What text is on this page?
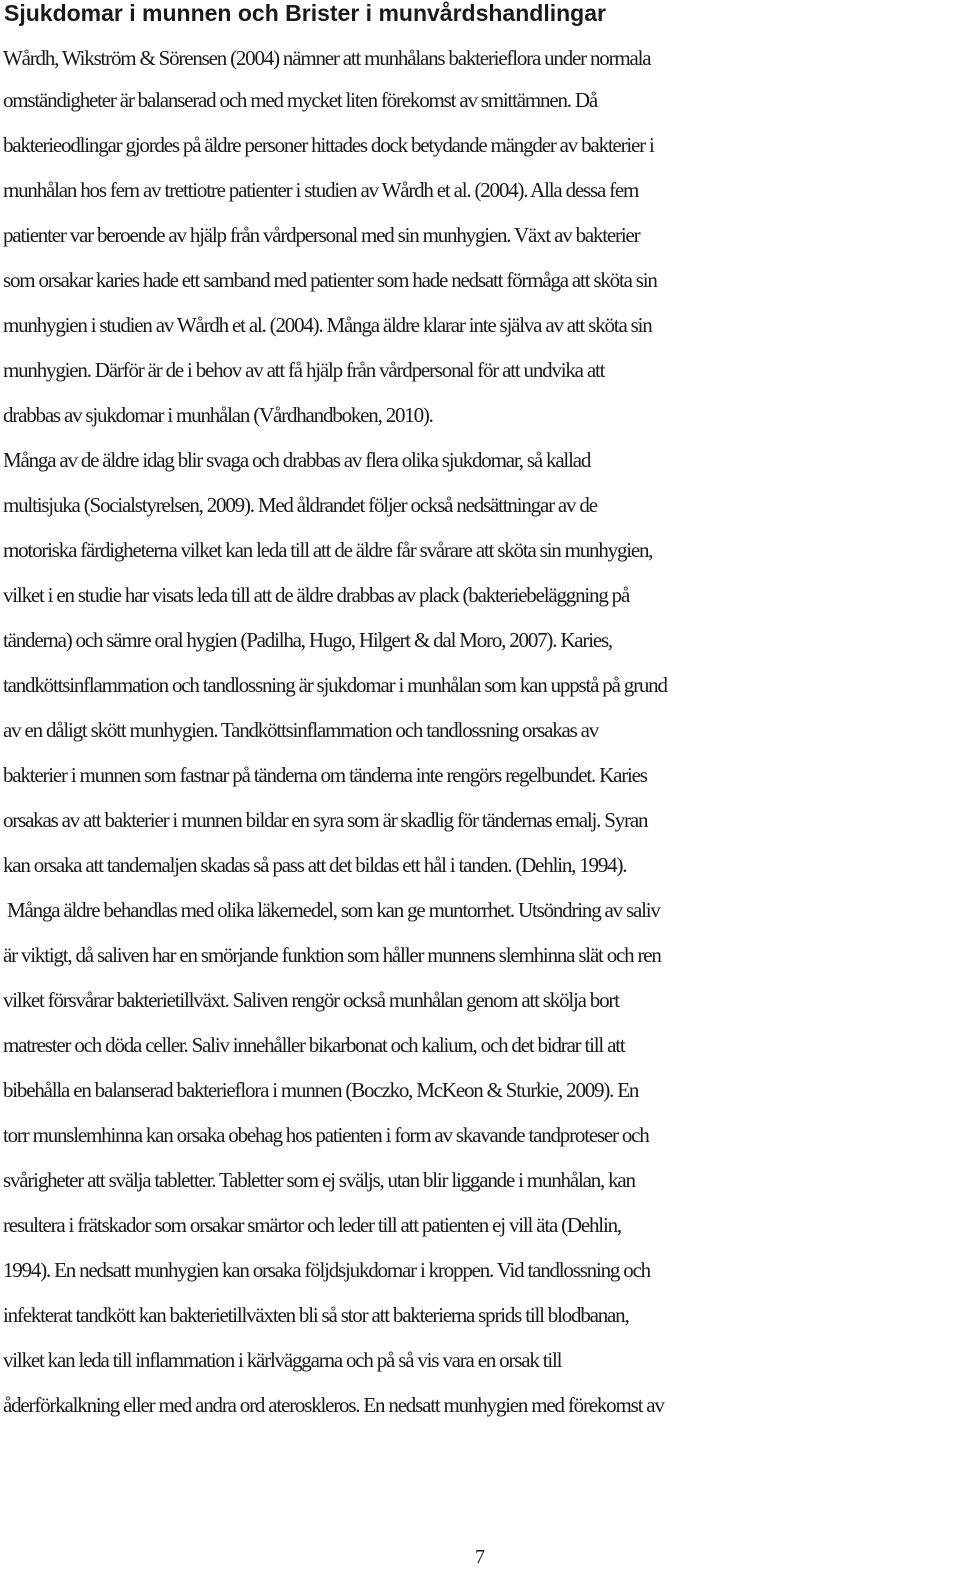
Sjukdomar i munnen och Brister i munvårdshandlingar
Wårdh, Wikström & Sörensen (2004) nämner att munhålans bakterieflora under normala
omständigheter är balanserad och med mycket liten förekomst av smittämnen. Då
bakterieodlingar gjordes på äldre personer hittades dock betydande mängder av bakterier i
munhålan hos fem av trettiotre patienter i studien av Wårdh et al. (2004). Alla dessa fem
patienter var beroende av hjälp från vårdpersonal med sin munhygien. Växt av bakterier
som orsakar karies hade ett samband med patienter som hade nedsatt förmåga att sköta sin
munhygien i studien av Wårdh et al. (2004). Många äldre klarar inte själva av att sköta sin
munhygien. Därför är de i behov av att få hjälp från vårdpersonal för att undvika att
drabbas av sjukdomar i munhålan (Vårdhandboken, 2010).
Många av de äldre idag blir svaga och drabbas av flera olika sjukdomar, så kallad
multisjuka (Socialstyrelsen, 2009). Med åldrandet följer också nedsättningar av de
motoriska färdigheterna vilket kan leda till att de äldre får svårare att sköta sin munhygien,
vilket i en studie har visats leda till att de äldre drabbas av plack (bakteriebeläggning på
tänderna) och sämre oral hygien (Padilha, Hugo, Hilgert & dal Moro, 2007). Karies,
tandköttsinflammation och tandlossning är sjukdomar i munhålan som kan uppstå på grund
av en dåligt skött munhygien. Tandköttsinflammation och tandlossning orsakas av
bakterier i munnen som fastnar på tänderna om tänderna inte rengörs regelbundet. Karies
orsakas av att bakterier i munnen bildar en syra som är skadlig för tändernas emalj. Syran
kan orsaka att tandemaljen skadas så pass att det bildas ett hål i tanden. (Dehlin, 1994).
Många äldre behandlas med olika läkemedel, som kan ge muntorrhet. Utsöndring av saliv
är viktigt, då saliven har en smörjande funktion som håller munnens slemhinna slät och ren
vilket försvårar bakterietillväxt. Saliven rengör också munhålan genom att skölja bort
matrester och döda celler. Saliv innehåller bikarbonat och kalium, och det bidrar till att
bibehålla en balanserad bakterieflora i munnen (Boczko, McKeon & Sturkie, 2009). En
torr munslemhinna kan orsaka obehag hos patienten i form av skavande tandproteser och
svårigheter att svälja tabletter. Tabletter som ej sväljs, utan blir liggande i munhålan, kan
resultera i frätskador som orsakar smärtor och leder till att patienten ej vill äta (Dehlin,
1994). En nedsatt munhygien kan orsaka följdsjukdomar i kroppen. Vid tandlossning och
infekterat tandkött kan bakterietillväxten bli så stor att bakterierna sprids till blodbanan,
vilket kan leda till inflammation i kärlväggarna och på så vis vara en orsak till
åderförkalkning eller med andra ord ateroskleros. En nedsatt munhygien med förekomst av
7
